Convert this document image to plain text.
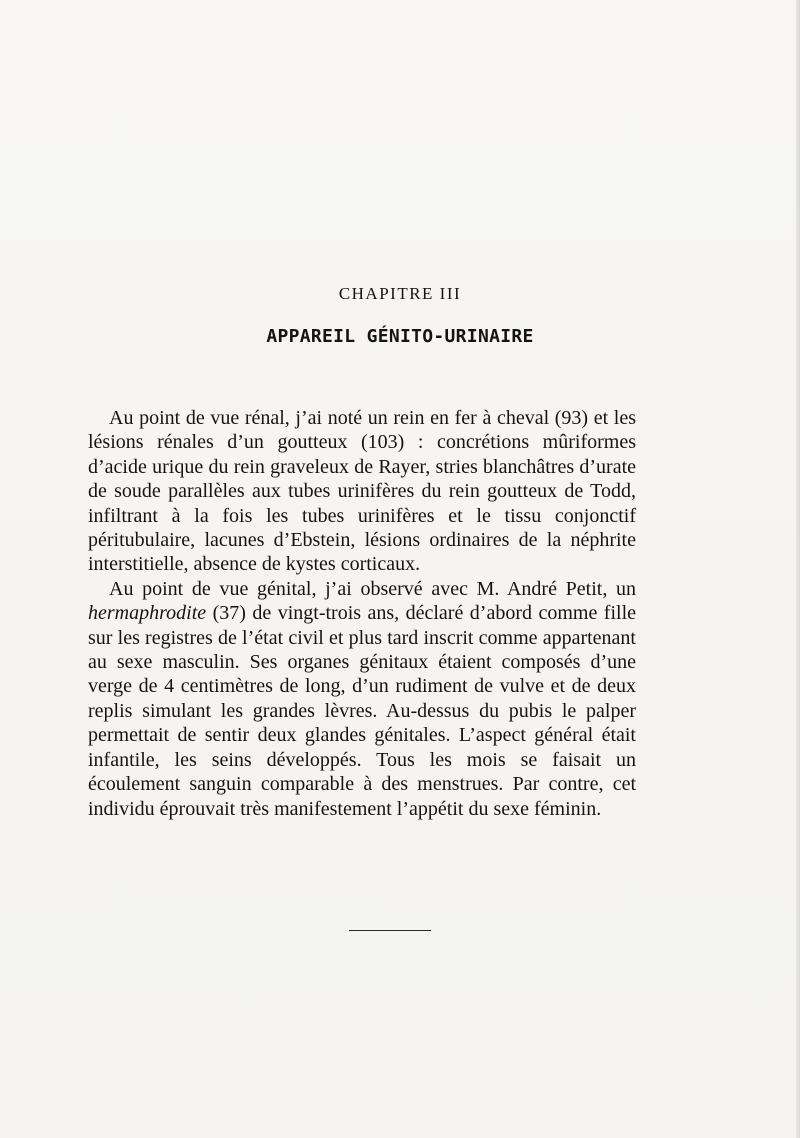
CHAPITRE III
APPAREIL GÉNITO-URINAIRE

Au point de vue rénal, j’ai noté un rein en fer à cheval (93) et les lésions rénales d’un goutteux (103) : concrétions mûriformes d’acide urique du rein graveleux de Rayer, stries blanchâtres d’urate de soude parallèles aux tubes urinifères du rein goutteux de Todd, infiltrant à la fois les tubes urinifères et le tissu conjonctif péritubulaire, lacunes d’Ebstein, lésions ordinaires de la néphrite interstitielle, absence de kystes corticaux.

Au point de vue génital, j’ai observé avec M. André Petit, un hermaphrodite (37) de vingt-trois ans, déclaré d’abord comme fille sur les registres de l’état civil et plus tard inscrit comme appartenant au sexe masculin. Ses organes génitaux étaient composés d’une verge de 4 centimètres de long, d’un rudiment de vulve et de deux replis simulant les grandes lèvres. Au-dessus du pubis le palper permettait de sentir deux glandes génitales. L’aspect général était infantile, les seins développés. Tous les mois se faisait un écoulement sanguin comparable à des menstrues. Par contre, cet individu éprouvait très manifestement l’appétit du sexe féminin.
